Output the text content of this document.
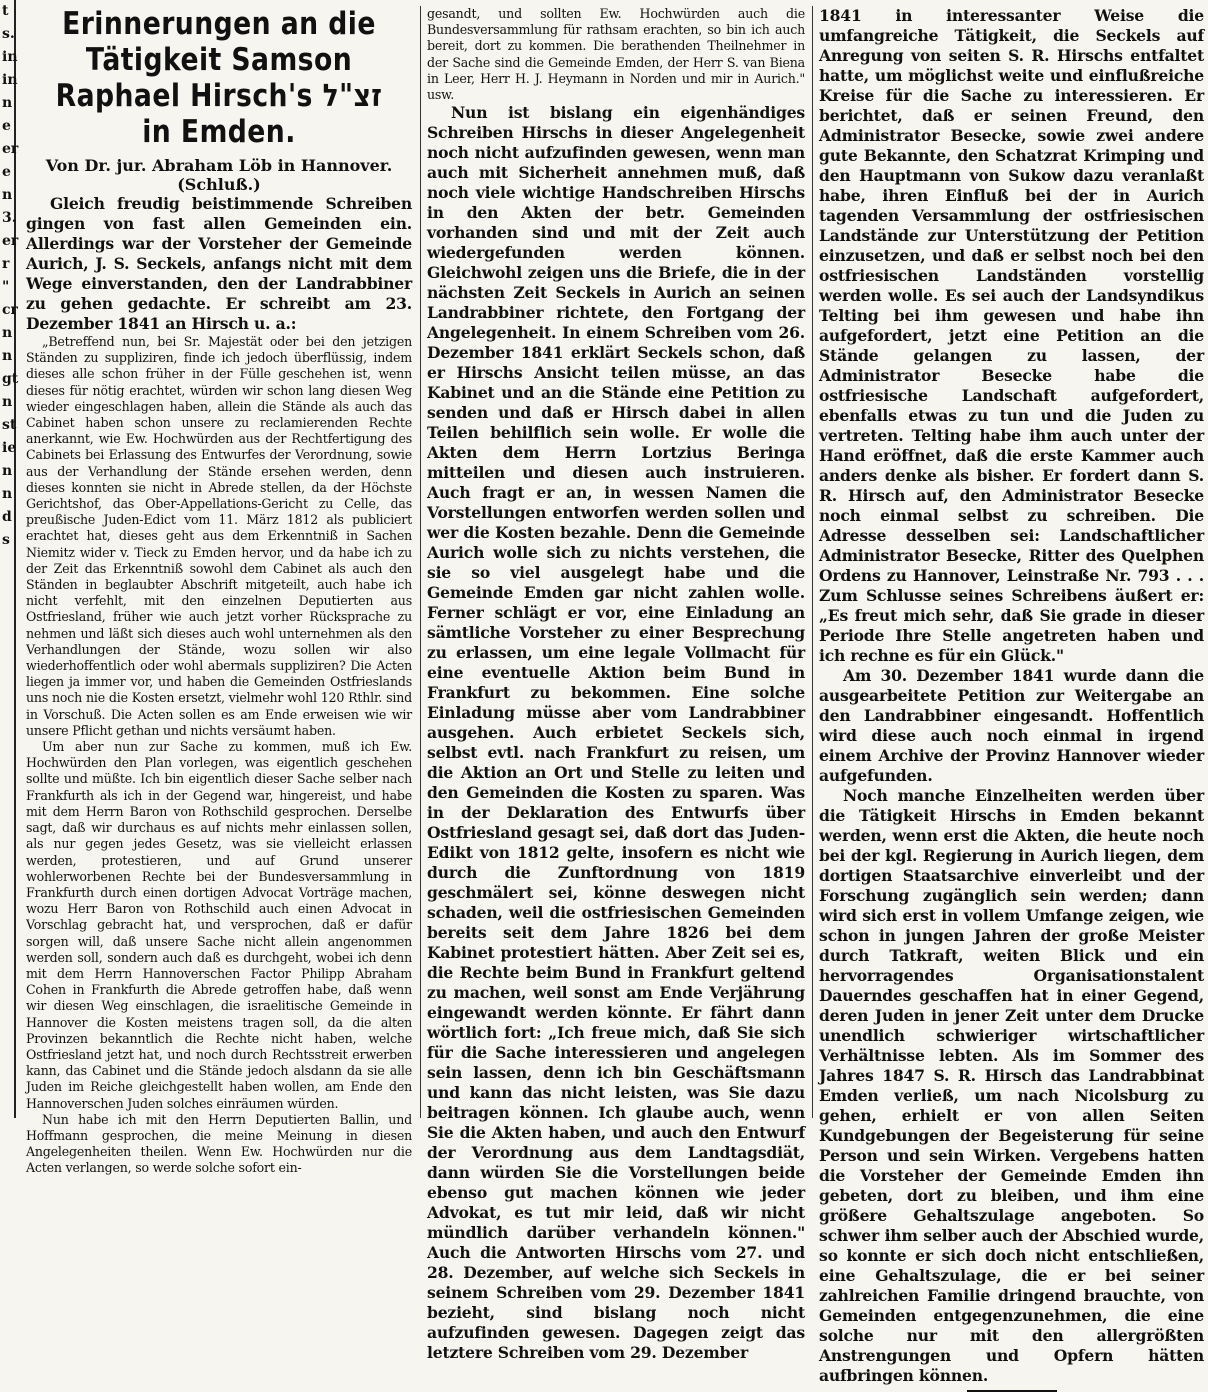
t
s.
in
in
n
e
er
e
n
3.
er
r
"
cr
n
n
gt
n
st
ie
n
n
d
s
Erinnerungen an die Tätigkeit Samson Raphael Hirsch's זצ"ל in Emden.
Von Dr. jur. Abraham Löb in Hannover.
(Schluß.)

Gleich freudig beistimmende Schreiben gingen von fast allen Gemeinden ein. Allerdings war der Vorsteher der Gemeinde Aurich, J. S. Seckels, anfangs nicht mit dem Wege einverstanden, den der Landrabbiner zu gehen gedachte. Er schreibt am 23. Dezember 1841 an Hirsch u. a.:

„Betreffend nun, bei Sr. Majestät oder bei den jetzigen Ständen zu suppliziren, finde ich jedoch überflüssig, indem dieses alle schon früher in der Fülle geschehen ist, wenn dieses für nötig erachtet, würden wir schon lang diesen Weg wieder eingeschlagen haben, allein die Stände als auch das Cabinet haben schon unsere zu reclamierenden Rechte anerkannt, wie Ew. Hochwürden aus der Rechtfertigung des Cabinets bei Erlassung des Entwurfes der Verordnung, sowie aus der Verhandlung der Stände ersehen werden, denn dieses konnten sie nicht in Abrede stellen, da der Höchste Gerichtshof, das Ober-Appellations-Gericht zu Celle, das preußische Juden-Edict vom 11. März 1812 als publiciert erachtet hat, dieses geht aus dem Erkenntniß in Sachen Niemitz wider v. Tieck zu Emden hervor, und da habe ich zu der Zeit das Erkenntniß sowohl dem Cabinet als auch den Ständen in beglaubter Abschrift mitgeteilt, auch habe ich nicht verfehlt, mit den einzelnen Deputierten aus Ostfriesland, früher wie auch jetzt vorher Rücksprache zu nehmen und läßt sich dieses auch wohl unternehmen als den Verhandlungen der Stände, wozu sollen wir also wiederhoffentlich oder wohl abermals suppliziren? Die Acten liegen ja immer vor, und haben die Gemeinden Ostfrieslands uns noch nie die Kosten ersetzt, vielmehr wohl 120 Rthlr. sind in Vorschuß. Die Acten sollen es am Ende erweisen wie wir unsere Pflicht gethan und nichts versäumt haben.

Um aber nun zur Sache zu kommen, muß ich Ew. Hochwürden den Plan vorlegen, was eigentlich geschehen sollte und müßte. Ich bin eigentlich dieser Sache selber nach Frankfurth als ich in der Gegend war, hingereist, und habe mit dem Herrn Baron von Rothschild gesprochen. Derselbe sagt, daß wir durchaus es auf nichts mehr einlassen sollen, als nur gegen jedes Gesetz, was sie vielleicht erlassen werden, protestieren, und auf Grund unserer wohlerworbenen Rechte bei der Bundesversammlung in Frankfurth durch einen dortigen Advocat Vorträge machen, wozu Herr Baron von Rothschild auch einen Advocat in Vorschlag gebracht hat, und versprochen, daß er dafür sorgen will, daß unsere Sache nicht allein angenommen werden soll, sondern auch daß es durchgeht, wobei ich denn mit dem Herrn Hannoverschen Factor Philipp Abraham Cohen in Frankfurth die Abrede getroffen habe, daß wenn wir diesen Weg einschlagen, die israelitische Gemeinde in Hannover die Kosten meistens tragen soll, da die alten Provinzen bekanntlich die Rechte nicht haben, welche Ostfriesland jetzt hat, und noch durch Rechtsstreit erwerben kann, das Cabinet und die Stände jedoch alsdann da sie alle Juden im Reiche gleichgestellt haben wollen, am Ende den Hannoverschen Juden solches einräumen würden.

Nun habe ich mit den Herrn Deputierten Ballin, und Hoffmann gesprochen, die meine Meinung in diesen Angelegenheiten theilen. Wenn Ew. Hochwürden nur die Acten verlangen, so werde solche sofort ein-

gesandt, und sollten Ew. Hochwürden auch die Bundesversammlung für rathsam erachten, so bin ich auch bereit, dort zu kommen. Die berathenden Theilnehmer in der Sache sind die Gemeinde Emden, der Herr S. van Biena in Leer, Herr H. J. Heymann in Norden und mir in Aurich." usw.

Nun ist bislang ein eigenhändiges Schreiben Hirschs in dieser Angelegenheit noch nicht aufzufinden gewesen, wenn man auch mit Sicherheit annehmen muß, daß noch viele wichtige Handschreiben Hirschs in den Akten der betr. Gemeinden vorhanden sind und mit der Zeit auch wiedergefunden werden können. Gleichwohl zeigen uns die Briefe, die in der nächsten Zeit Seckels in Aurich an seinen Landrabbiner richtete, den Fortgang der Angelegenheit. In einem Schreiben vom 26. Dezember 1841 erklärt Seckels schon, daß er Hirschs Ansicht teilen müsse, an das Kabinet und an die Stände eine Petition zu senden und daß er Hirsch dabei in allen Teilen behilflich sein wolle. Er wolle die Akten dem Herrn Lortzius Beringa mitteilen und diesen auch instruieren. Auch fragt er an, in wessen Namen die Vorstellungen entworfen werden sollen und wer die Kosten bezahle. Denn die Gemeinde Aurich wolle sich zu nichts verstehen, die sie so viel ausgelegt habe und die Gemeinde Emden gar nicht zahlen wolle. Ferner schlägt er vor, eine Einladung an sämtliche Vorsteher zu einer Besprechung zu erlassen, um eine legale Vollmacht für eine eventuelle Aktion beim Bund in Frankfurt zu bekommen. Eine solche Einladung müsse aber vom Landrabbiner ausgehen. Auch erbietet Seckels sich, selbst evtl. nach Frankfurt zu reisen, um die Aktion an Ort und Stelle zu leiten und den Gemeinden die Kosten zu sparen. Was in der Deklaration des Entwurfs über Ostfriesland gesagt sei, daß dort das Juden-Edikt von 1812 gelte, insofern es nicht wie durch die Zunftordnung von 1819 geschmälert sei, könne deswegen nicht schaden, weil die ostfriesischen Gemeinden bereits seit dem Jahre 1826 bei dem Kabinet protestiert hätten. Aber Zeit sei es, die Rechte beim Bund in Frankfurt geltend zu machen, weil sonst am Ende Verjährung eingewandt werden könnte. Er fährt dann wörtlich fort: „Ich freue mich, daß Sie sich für die Sache interessieren und angelegen sein lassen, denn ich bin Geschäftsmann und kann das nicht leisten, was Sie dazu beitragen können. Ich glaube auch, wenn Sie die Akten haben, und auch den Entwurf der Verordnung aus dem Landtagsdiät, dann würden Sie die Vorstellungen beide ebenso gut machen können wie jeder Advokat, es tut mir leid, daß wir nicht mündlich darüber verhandeln können." Auch die Antworten Hirschs vom 27. und 28. Dezember, auf welche sich Seckels in seinem Schreiben vom 29. Dezember 1841 bezieht, sind bislang noch nicht aufzufinden gewesen. Dagegen zeigt das letztere Schreiben vom 29. Dezember

1841 in interessanter Weise die umfangreiche Tätigkeit, die Seckels auf Anregung von seiten S. R. Hirschs entfaltet hatte, um möglichst weite und einflußreiche Kreise für die Sache zu interessieren. Er berichtet, daß er seinen Freund, den Administrator Besecke, sowie zwei andere gute Bekannte, den Schatzrat Krimping und den Hauptmann von Sukow dazu veranlaßt habe, ihren Einfluß bei der in Aurich tagenden Versammlung der ostfriesischen Landstände zur Unterstützung der Petition einzusetzen, und daß er selbst noch bei den ostfriesischen Landständen vorstellig werden wolle. Es sei auch der Landsyndikus Telting bei ihm gewesen und habe ihn aufgefordert, jetzt eine Petition an die Stände gelangen zu lassen, der Administrator Besecke habe die ostfriesische Landschaft aufgefordert, ebenfalls etwas zu tun und die Juden zu vertreten. Telting habe ihm auch unter der Hand eröffnet, daß die erste Kammer auch anders denke als bisher. Er fordert dann S. R. Hirsch auf, den Administrator Besecke noch einmal selbst zu schreiben. Die Adresse desselben sei: Landschaftlicher Administrator Besecke, Ritter des Quelphen Ordens zu Hannover, Leinstraße Nr. 793 . . . Zum Schlusse seines Schreibens äußert er: „Es freut mich sehr, daß Sie grade in dieser Periode Ihre Stelle angetreten haben und ich rechne es für ein Glück."

Am 30. Dezember 1841 wurde dann die ausgearbeitete Petition zur Weitergabe an den Landrabbiner eingesandt. Hoffentlich wird diese auch noch einmal in irgend einem Archive der Provinz Hannover wieder aufgefunden.

Noch manche Einzelheiten werden über die Tätigkeit Hirschs in Emden bekannt werden, wenn erst die Akten, die heute noch bei der kgl. Regierung in Aurich liegen, dem dortigen Staatsarchive einverleibt und der Forschung zugänglich sein werden; dann wird sich erst in vollem Umfange zeigen, wie schon in jungen Jahren der große Meister durch Tatkraft, weiten Blick und ein hervorragendes Organisationstalent Dauerndes geschaffen hat in einer Gegend, deren Juden in jener Zeit unter dem Drucke unendlich schwieriger wirtschaftlicher Verhältnisse lebten. Als im Sommer des Jahres 1847 S. R. Hirsch das Landrabbinat Emden verließ, um nach Nicolsburg zu gehen, erhielt er von allen Seiten Kundgebungen der Begeisterung für seine Person und sein Wirken. Vergebens hatten die Vorsteher der Gemeinde Emden ihn gebeten, dort zu bleiben, und ihm eine größere Gehaltszulage angeboten. So schwer ihm selber auch der Abschied wurde, so konnte er sich doch nicht entschließen, eine Gehaltszulage, die er bei seiner zahlreichen Familie dringend brauchte, von Gemeinden entgegenzunehmen, die eine solche nur mit den allergrößten Anstrengungen und Opfern hätten aufbringen können.
